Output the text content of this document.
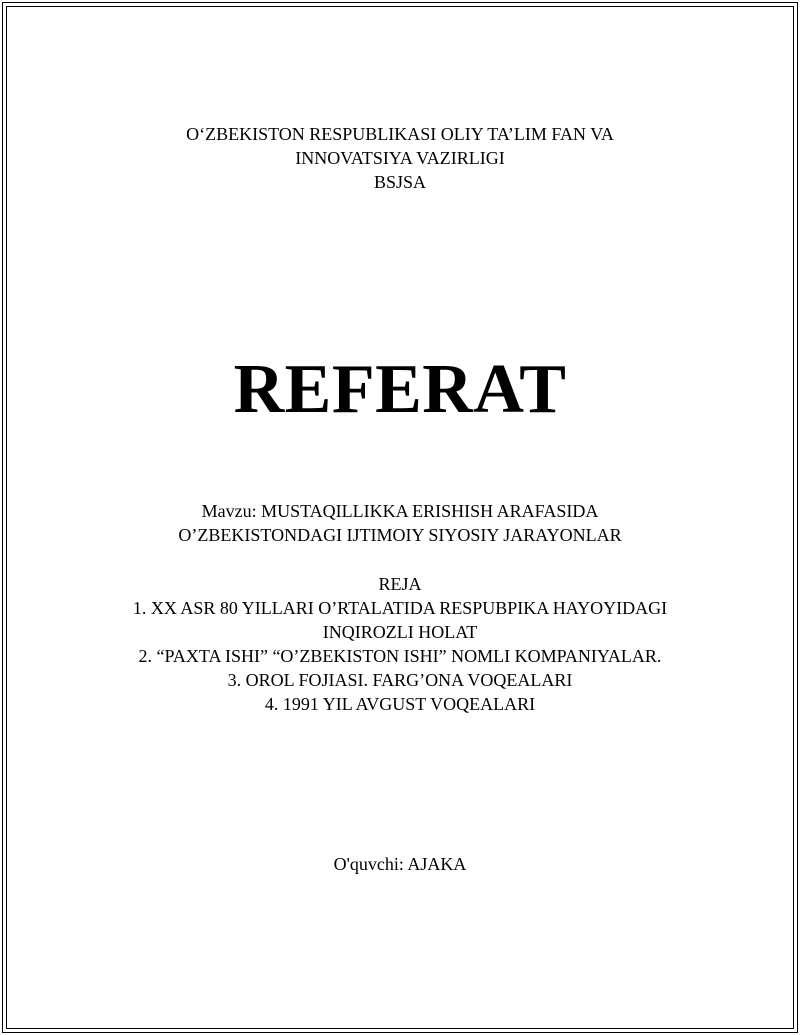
O‘ZBEKISTON RESPUBLIKASI OLIY TA’LIM FAN VA
INNOVATSIYA VAZIRLIGI
BSJSA
REFERAT
Mavzu: MUSTAQILLIKKA ERISHISH ARAFASIDA
O’ZBEKISTONDAGI IJTIMOIY SIYOSIY JARAYONLAR
REJA
1. XX ASR 80 YILLARI O’RTALATIDA RESPUBPIKA HAYOYIDAGI
INQIROZLI HOLAT
2. “PAXTA ISHI” “O’ZBEKISTON ISHI” NOMLI KOMPANIYALAR.
3. OROL FOJIASI. FARG’ONA VOQEALARI
4. 1991 YIL AVGUST VOQEALARI
O'quvchi: AJAKA
